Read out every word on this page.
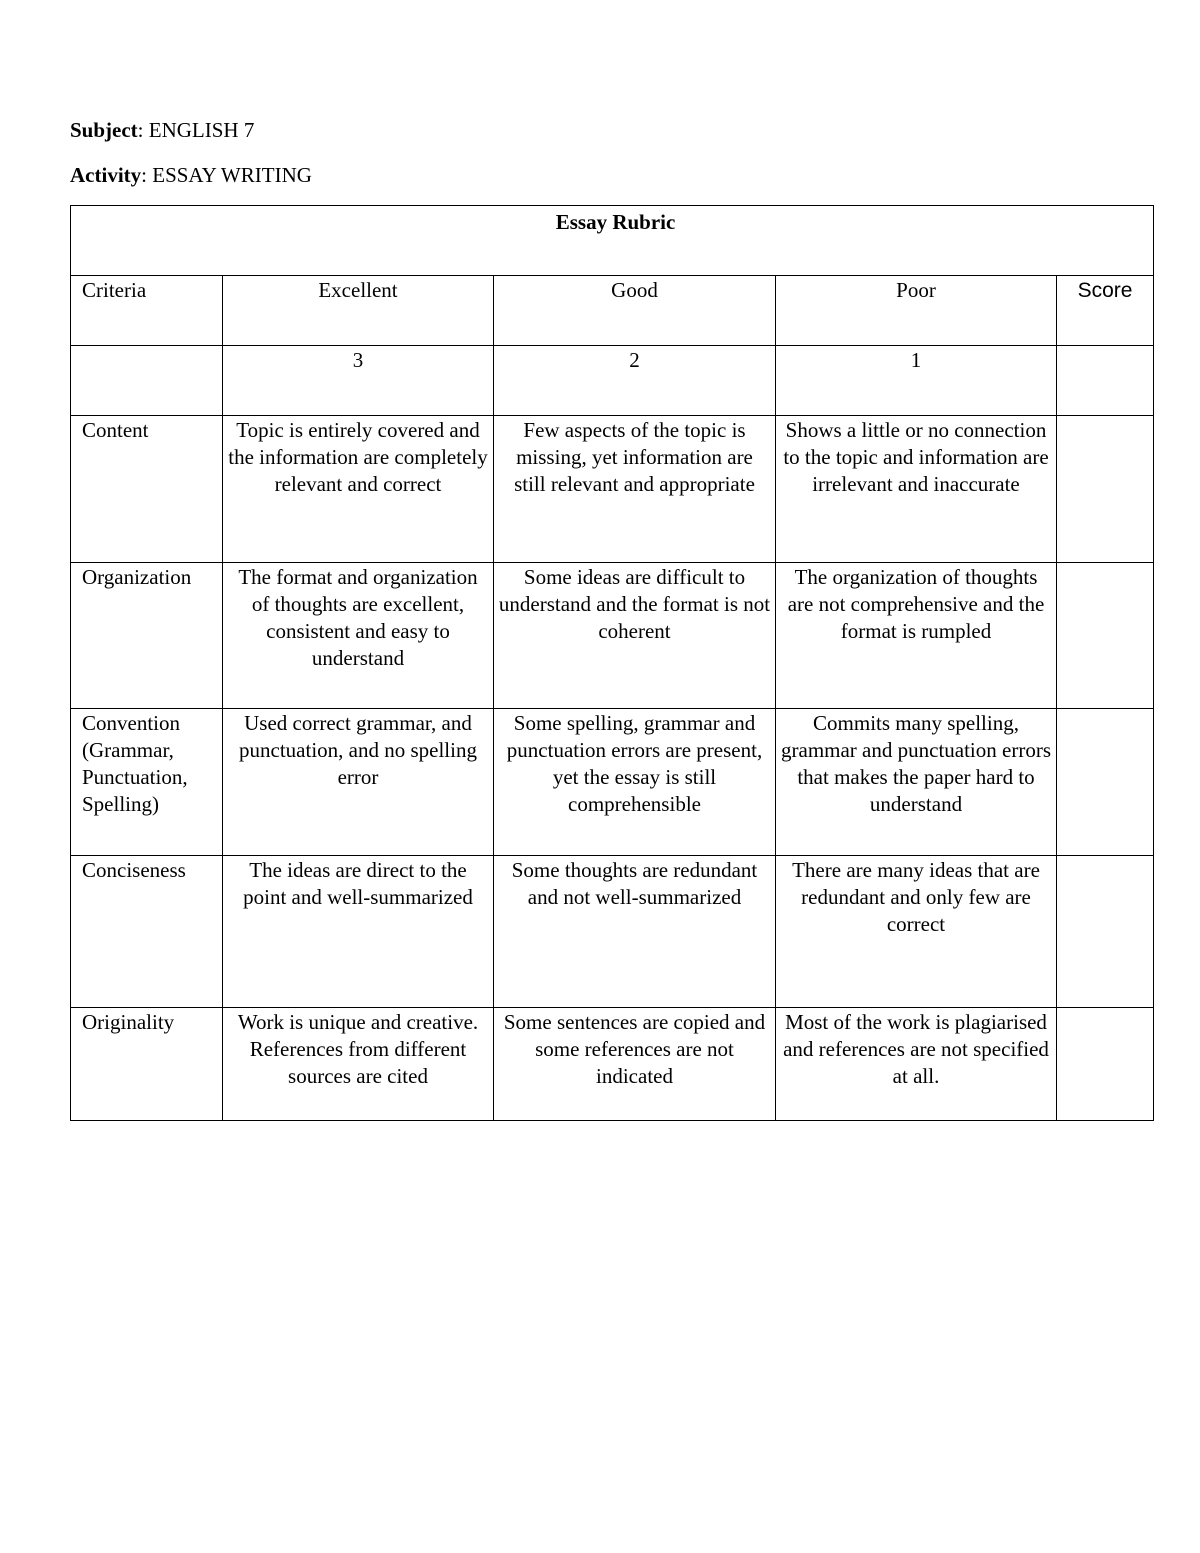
Subject: ENGLISH 7
Activity: ESSAY WRITING
Essay Rubric				
Criteria	Excellent	Good	Poor	Score
	3	2	1	
Content	Topic is entirely covered and the information are completely relevant and correct	Few aspects of the topic is missing, yet information are still relevant and appropriate	Shows a little or no connection to the topic and information are irrelevant and inaccurate	
Organization	The format and organization of thoughts are excellent, consistent and easy to understand	Some ideas are difficult to understand and the format is not coherent	The organization of thoughts are not comprehensive and the format is rumpled	
Convention (Grammar, Punctuation, Spelling)	Used correct grammar, and punctuation, and no spelling error	Some spelling, grammar and punctuation errors are present, yet the essay is still comprehensible	Commits many spelling, grammar and punctuation errors that makes the paper hard to understand	
Conciseness	The ideas are direct to the point and well-summarized	Some thoughts are redundant and not well-summarized	There are many ideas that are redundant and only few are correct	
Originality	Work is unique and creative. References from different sources are cited	Some sentences are copied and some references are not indicated	Most of the work is plagiarised and references are not specified at all.	
